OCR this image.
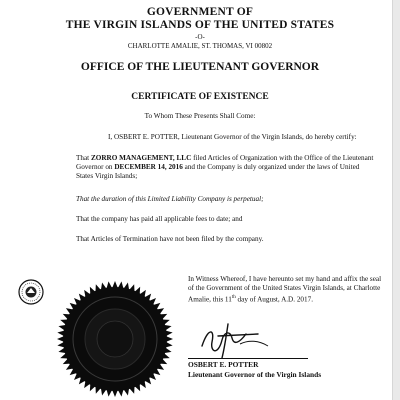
GOVERNMENT OF
THE VIRGIN ISLANDS OF THE UNITED STATES
-O-
CHARLOTTE AMALIE, ST. THOMAS, VI 00802
OFFICE OF THE LIEUTENANT GOVERNOR
CERTIFICATE OF EXISTENCE
To Whom These Presents Shall Come:
I, OSBERT E. POTTER, Lieutenant Governor of the Virgin Islands, do hereby certify:
That ZORRO MANAGEMENT, LLC filed Articles of Organization with the Office of the Lieutenant Governor on DECEMBER 14, 2016 and the Company is duly organized under the laws of United States Virgin Islands;
That the duration of this Limited Liability Company is perpetual;
That the company has paid all applicable fees to date; and
That Articles of Termination have not been filed by the company.
In Witness Whereof, I have hereunto set my hand and affix the seal of the Government of the United States Virgin Islands, at Charlotte Amalie, this 11th day of August, A.D. 2017.
OSBERT E. POTTER
Lieutenant Governor of the Virgin Islands
